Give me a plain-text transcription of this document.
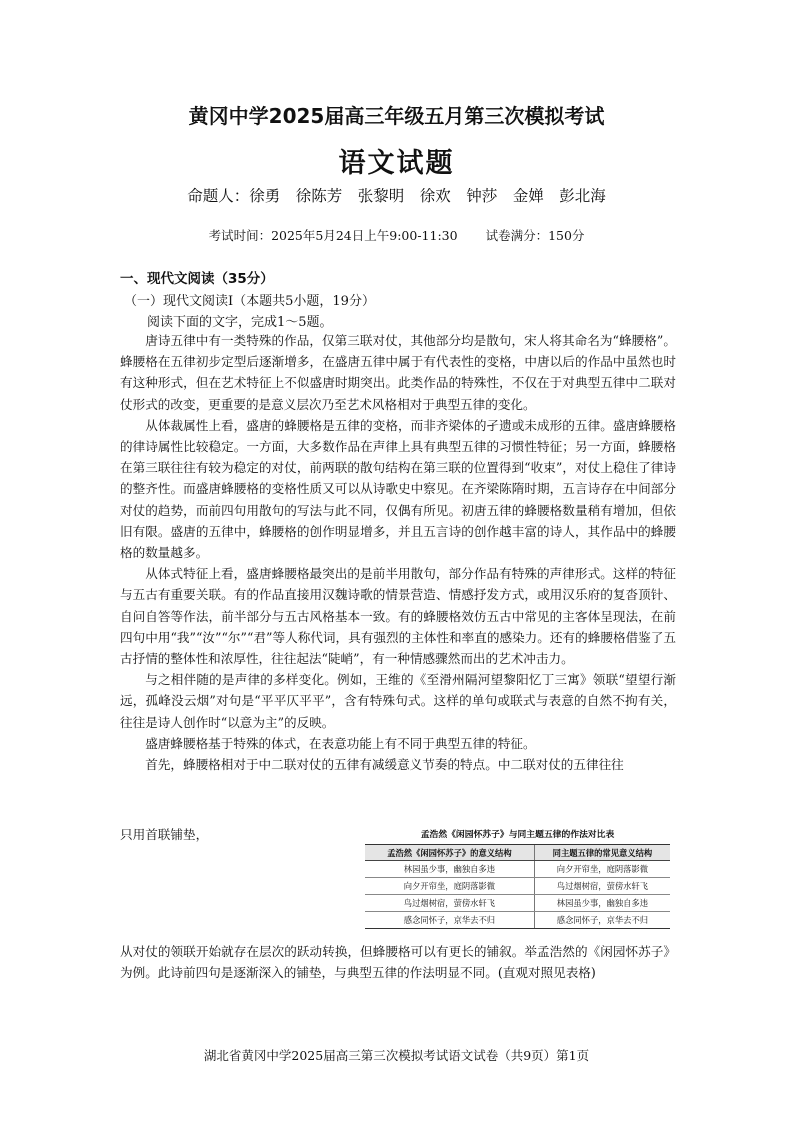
黄冈中学2025届高三年级五月第三次模拟考试
语文试题
命题人：徐勇　徐陈芳　张黎明　徐欢　钟莎　金婵　彭北海
考试时间：2025年5月24日上午9:00-11:30 试卷满分：150分
一、现代文阅读（35分）
（一）现代文阅读Ⅰ（本题共5小题，19分）
阅读下面的文字，完成1～5题。

唐诗五律中有一类特殊的作品，仅第三联对仗，其他部分均是散句，宋人将其命名为“蜂腰格”。蜂腰格在五律初步定型后逐渐增多，在盛唐五律中属于有代表性的变格，中唐以后的作品中虽然也时有这种形式，但在艺术特征上不似盛唐时期突出。此类作品的特殊性，不仅在于对典型五律中二联对仗形式的改变，更重要的是意义层次乃至艺术风格相对于典型五律的变化。

从体裁属性上看，盛唐的蜂腰格是五律的变格，而非齐梁体的孑遗或未成形的五律。盛唐蜂腰格的律诗属性比较稳定。一方面，大多数作品在声律上具有典型五律的习惯性特征；另一方面，蜂腰格在第三联往往有较为稳定的对仗，前两联的散句结构在第三联的位置得到“收束”，对仗上稳住了律诗的整齐性。而盛唐蜂腰格的变格性质又可以从诗歌史中察见。在齐梁陈隋时期，五言诗存在中间部分对仗的趋势，而前四句用散句的写法与此不同，仅偶有所见。初唐五律的蜂腰格数量稍有增加，但依旧有限。盛唐的五律中，蜂腰格的创作明显增多，并且五言诗的创作越丰富的诗人，其作品中的蜂腰格的数量越多。

从体式特征上看，盛唐蜂腰格最突出的是前半用散句，部分作品有特殊的声律形式。这样的特征与五古有重要关联。有的作品直接用汉魏诗歌的情景营造、情感抒发方式，或用汉乐府的复沓顶针、自问自答等作法，前半部分与五古风格基本一致。有的蜂腰格效仿五古中常见的主客体呈现法，在前四句中用“我”“汝”“尔”“君”等人称代词，具有强烈的主体性和率直的感染力。还有的蜂腰格借鉴了五古抒情的整体性和浓厚性，往往起法“陡峭”，有一种情感骤然而出的艺术冲击力。

与之相伴随的是声律的多样变化。例如，王维的《至滑州隔河望黎阳忆丁三寓》领联“望望行渐远，孤峰没云烟”对句是“平平仄平平”，含有特殊句式。这样的单句或联式与表意的自然不拘有关，往往是诗人创作时“以意为主”的反映。

盛唐蜂腰格基于特殊的体式，在表意功能上有不同于典型五律的特征。

首先，蜂腰格相对于中二联对仗的五律有减缓意义节奏的特点。中二联对仗的五律往往

只用首联铺垫，	孟浩然《闲园怀苏子》与同主题五律的作法对比表
孟浩然《闲园怀苏子》的意义结构	同主题五律的常见意义结构
林园虽少事，幽独自多违	向夕开帘坐，庭阴落影微
向夕开帘坐，庭阴落影微	鸟过烟树宿，萤傍水轩飞
鸟过烟树宿，萤傍水轩飞	林园虽少事，幽独自多违
感念同怀子，京华去不归	感念同怀子，京华去不归

从对仗的领联开始就存在层次的跃动转换，但蜂腰格可以有更长的铺叙。举孟浩然的《闲园怀苏子》为例。此诗前四句是逐渐深入的铺垫，与典型五律的作法明显不同。(直观对照见表格)

湖北省黄冈中学2025届高三第三次模拟考试语文试卷（共9页）第1页
